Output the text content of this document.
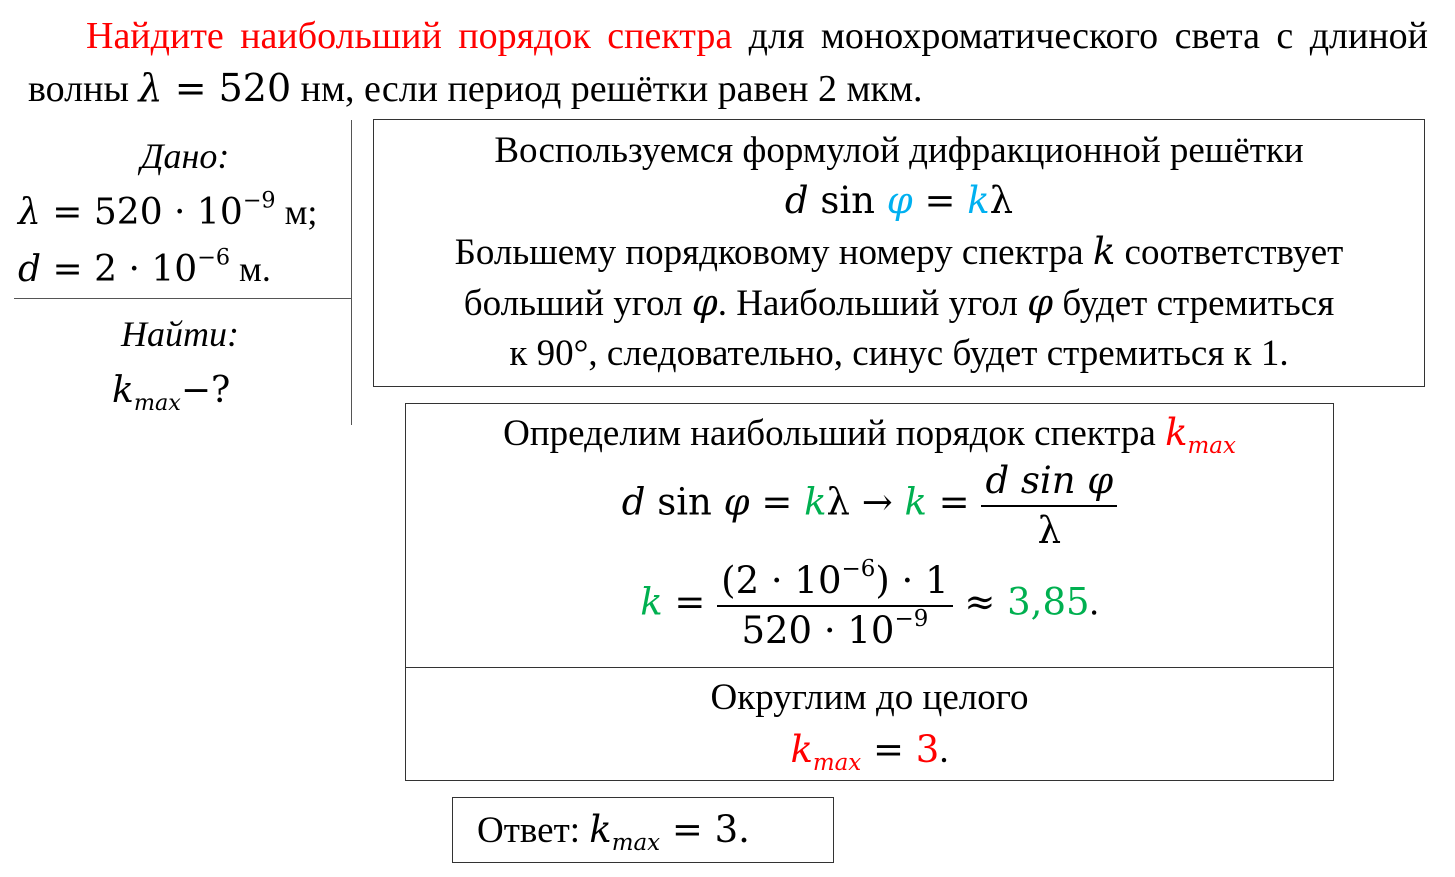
Найдите наибольший порядок спектра для монохроматического света с длиной волны λ = 520 нм, если период решётки равен 2 мкм.
Дано:
$\lambda = 520 \cdot 10^{-9}$ м;
$d = 2 \cdot 10^{-6}$ м.
Найти:
$k_{max}-$?
Воспользуемся формулой дифракционной решётки
d sin φ = kλ
Большему порядковому номеру спектра k соответствует
больший угол φ. Наибольший угол φ будет стремиться
к 90°, следовательно, синус будет стремиться к 1.
Определим наибольший порядок спектра $k_{max}$
d $\sin \varphi = k\lambda \to k = \frac{\text{d sin φ}}{\lambda}$
$k = \frac{(2 \cdot 10^{-6}) \cdot 1}{520 \cdot 10^{-9}} \approx 3,85$.
Округлим до целого
$k_{max} = 3$.
Ответ: $k_{max} = 3$.
